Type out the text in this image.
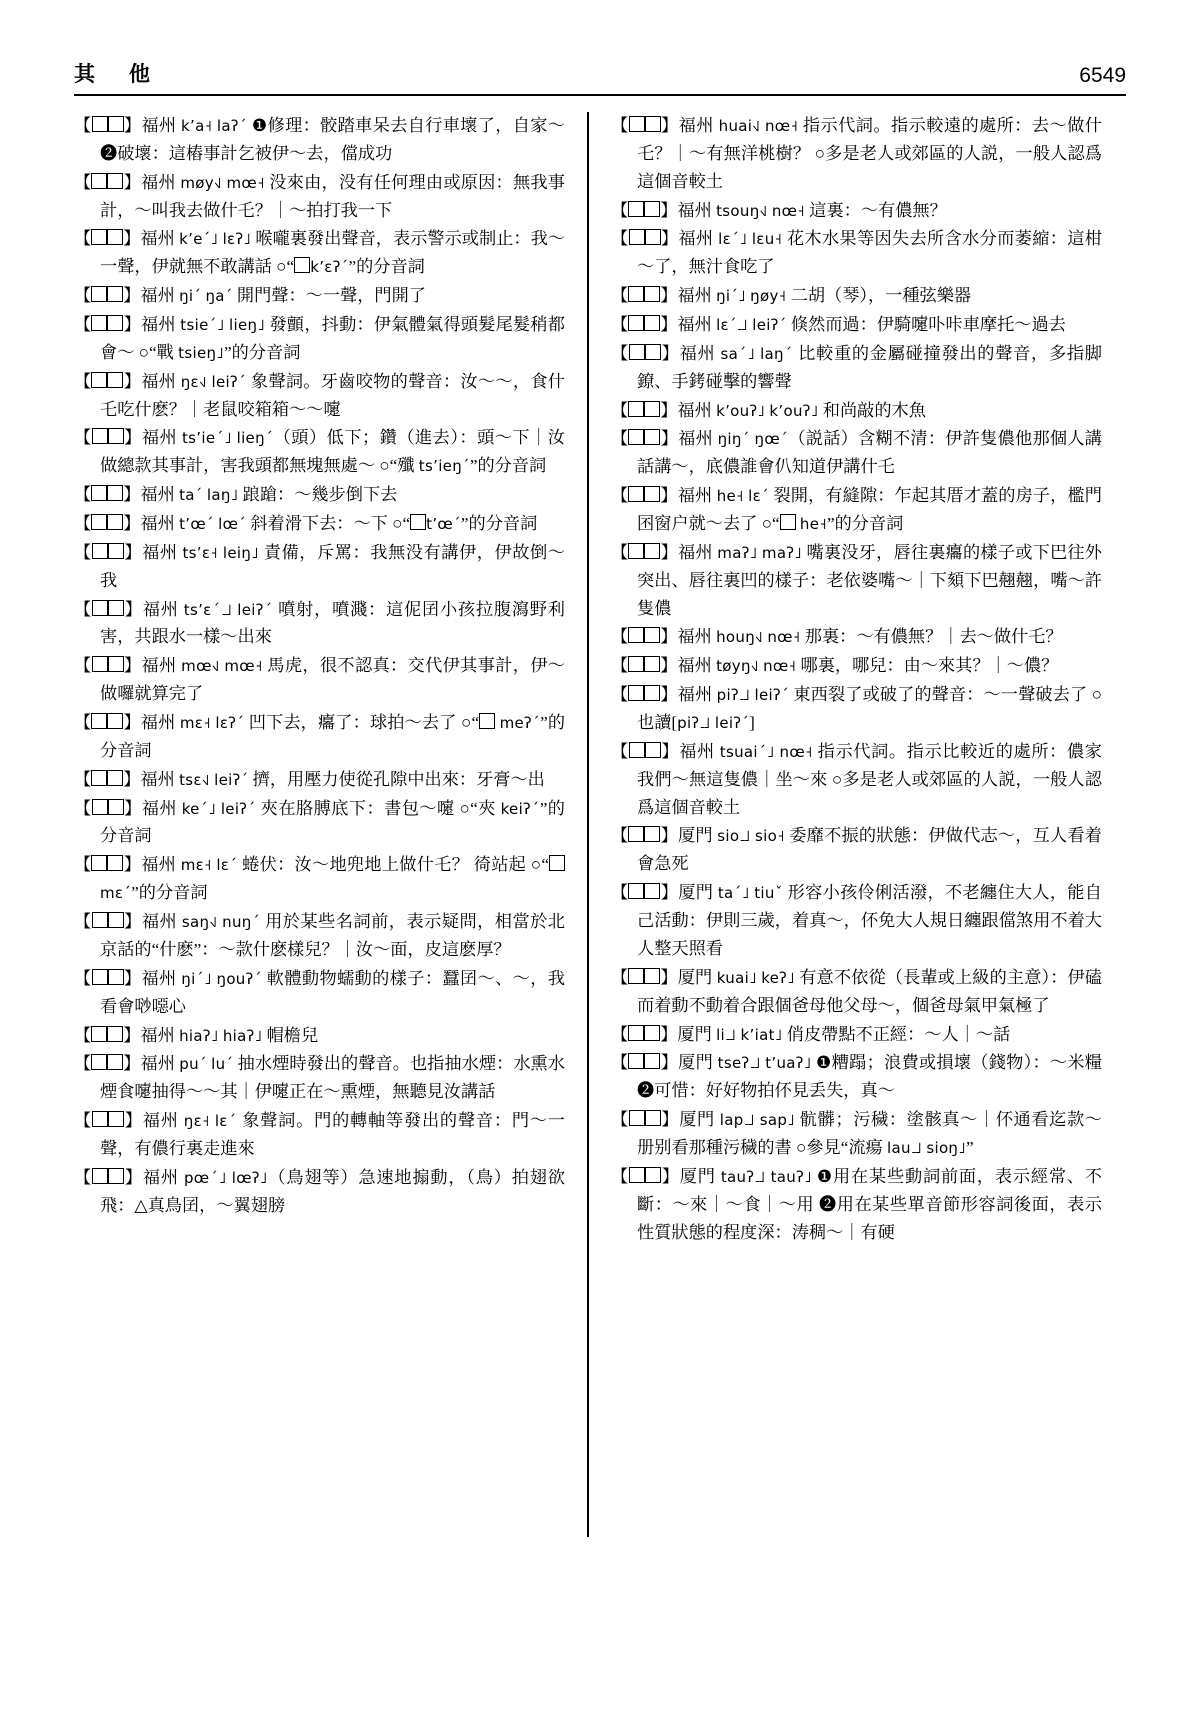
其 他	6549
【 】福州 kʼa˧ laʔˊ ❶修理：骹踏車呆去自行車壞了，自家～ ❷破壞：這樁事計乞被伊～去，儅成功
【 】福州 møy˧˩ mœ˧ 没來由，没有任何理由或原因：無我事計，～叫我去做什乇？｜～拍打我一下
【 】福州 kʼeˊ˩ lɛʔ˩ 喉嚨裏發出聲音，表示警示或制止：我～一聲，伊就無不敢講話 ○“ kʼɛʔˊ”的分音詞
【 】福州 ŋiˊ ŋaˊ 開門聲：～一聲，門開了
【 】福州 tsieˊ˩ lieŋ˩ 發顫，抖動：伊氣體氣得頭髮尾髮稍都會～ ○“戰 tsieŋ˩”的分音詞
【 】福州 ŋɛ˧˩ leiʔˊ 象聲詞。牙齒咬物的聲音：汝～～，食什乇吃什麽？｜老鼠咬箱箱～～嚔
【 】福州 tsʼieˊ˩ lieŋˊ（頭）低下；鑽（進去）：頭～下｜汝做總款其事計，害我頭都無塊無處～ ○“殲 tsʼieŋˊ”的分音詞
【 】福州 taˊ laŋ˩ 踉蹌：～幾步倒下去
【 】福州 tʼœˊ lœˊ 斜着滑下去：～下 ○“ tʼœˊ”的分音詞
【 】福州 tsʼɛ˧ leiŋ˩ 責備，斥罵：我無没有講伊，伊故倒～我
【 】福州 tsʼɛˊ˩˩ leiʔˊ 噴射，噴濺：這伲囝小孩拉腹瀉野利害，共跟水一樣～出來
【 】福州 mœ˧˩ mœ˧ 馬虎，很不認真：交代伊其事計，伊～做囉就算完了
【 】福州 mɛ˧ lɛʔˊ 凹下去，癟了：球拍～去了 ○“ meʔˊ”的分音詞
【 】福州 tsɛ˧˩ leiʔˊ 擠，用壓力使從孔隙中出來：牙膏～出
【 】福州 keˊ˩ leiʔˊ 夾在胳膊底下：書包～嚔 ○“夾 keiʔˊ”的分音詞
【 】福州 mɛ˧ lɛˊ 蜷伏：汝～地兜地上做什乇？ 徛站起 ○“ mɛˊ”的分音詞
【 】福州 saŋ˧˩ nuŋˊ 用於某些名詞前，表示疑問，相當於北京話的“什麽”：～款什麽樣兒？｜汝～面，皮這麽厚？
【 】福州 ŋiˊ˩ ŋouʔˊ 軟體動物蠕動的樣子：蠶囝～、～，我看會唦噁心
【 】福州 hiaʔ˩ hiaʔ˩ 帽檐兒
【 】福州 puˊ luˊ 抽水煙時發出的聲音。也指抽水煙：水熏水煙食嚔抽得～～其｜伊嚔正在～熏煙，無聽見汝講話
【 】福州 ŋɛ˧ lɛˊ 象聲詞。門的轉軸等發出的聲音：門～一聲，有儂行裏走進來
【 】福州 pœˊ˩ lœʔ˩（鳥翅等）急速地搧動，（鳥）拍翅欲飛：△真鳥囝，～翼翅膀
【 】福州 huai˧˩ nœ˧ 指示代詞。指示較遠的處所：去～做什乇？｜～有無洋桃樹？ ○多是老人或郊區的人説，一般人認爲這個音較土
【 】福州 tsouŋ˧˩ nœ˧ 這裏：～有儂無？
【 】福州 lɛˊ˩ lɛu˧ 花木水果等因失去所含水分而萎縮：這柑～了，無汁食吃了
【 】福州 ŋiˊ˩ ŋøy˧ 二胡（琴），一種弦樂器
【 】福州 lɛˊ˩˩ leiʔˊ 倏然而過：伊騎嚔卟咔車摩托～過去
【 】福州 saˊ˩ laŋˊ 比較重的金屬碰撞發出的聲音，多指脚鐐、手銬碰擊的響聲
【 】福州 kʼouʔ˩ kʼouʔ˩ 和尚敲的木魚
【 】福州 ŋiŋˊ ŋœˊ（説話）含糊不清：伊許隻儂他那個人講話講～，底儂誰會仈知道伊講什乇
【 】福州 he˧ lɛˊ 裂開，有縫隙：乍起其厝才蓋的房子，檻門囨窗户就～去了 ○“ he˧”的分音詞
【 】福州 maʔ˩ maʔ˩ 嘴裏没牙，唇往裏癟的樣子或下巴往外突出、唇往裏凹的樣子：老依婆嘴～｜下頦下巴翹翹，嘴～許隻儂
【 】福州 houŋ˧˩ nœ˧ 那裏：～有儂無？｜去～做什乇？
【 】福州 tøyŋ˧˩ nœ˧ 哪裏，哪兒：由～來其？｜～儂？
【 】福州 piʔ˩˩ leiʔˊ 東西裂了或破了的聲音：～一聲破去了 ○也讀[piʔ˩˩ leiʔˊ]
【 】福州 tsuaiˊ˩ nœ˧ 指示代詞。指示比較近的處所：儂家我們～無這隻儂｜坐～來 ○多是老人或郊區的人説，一般人認爲這個音較土
【 】厦門 sio˩˩ sio˧ 委靡不振的狀態：伊做代志～，互人看着會急死
【 】厦門 taˊ˩ tiuˇ 形容小孩伶俐活潑，不老纏住大人，能自己活動：伊則三歲，着真～，伓免大人規日纏跟儅煞用不着大人整天照看
【 】厦門 kuai˩ keʔ˩ 有意不依從（長輩或上級的主意）：伊磕而着動不動着合跟個爸母他父母～，個爸母氣甲氣極了
【 】厦門 li˩˩ kʼiat˩ 俏皮帶點不正經：～人｜～話
【 】厦門 tseʔ˩˩ tʼuaʔ˩ ❶糟蹋；浪費或損壞（錢物）：～米糧 ❷可惜：好好物拍伓見丢失，真～
【 】厦門 lap˩˩ sap˩ 骯髒；污穢：塗骸真～｜伓通看迄款～册别看那種污穢的書 ○參見“流瘍 lau˩˩ sioŋ˩”
【 】厦門 tauʔ˩˩ tauʔ˩ ❶用在某些動詞前面，表示經常、不斷：～來｜～食｜～用 ❷用在某些單音節形容詞後面，表示性質狀態的程度深：涛稠～｜有硬
